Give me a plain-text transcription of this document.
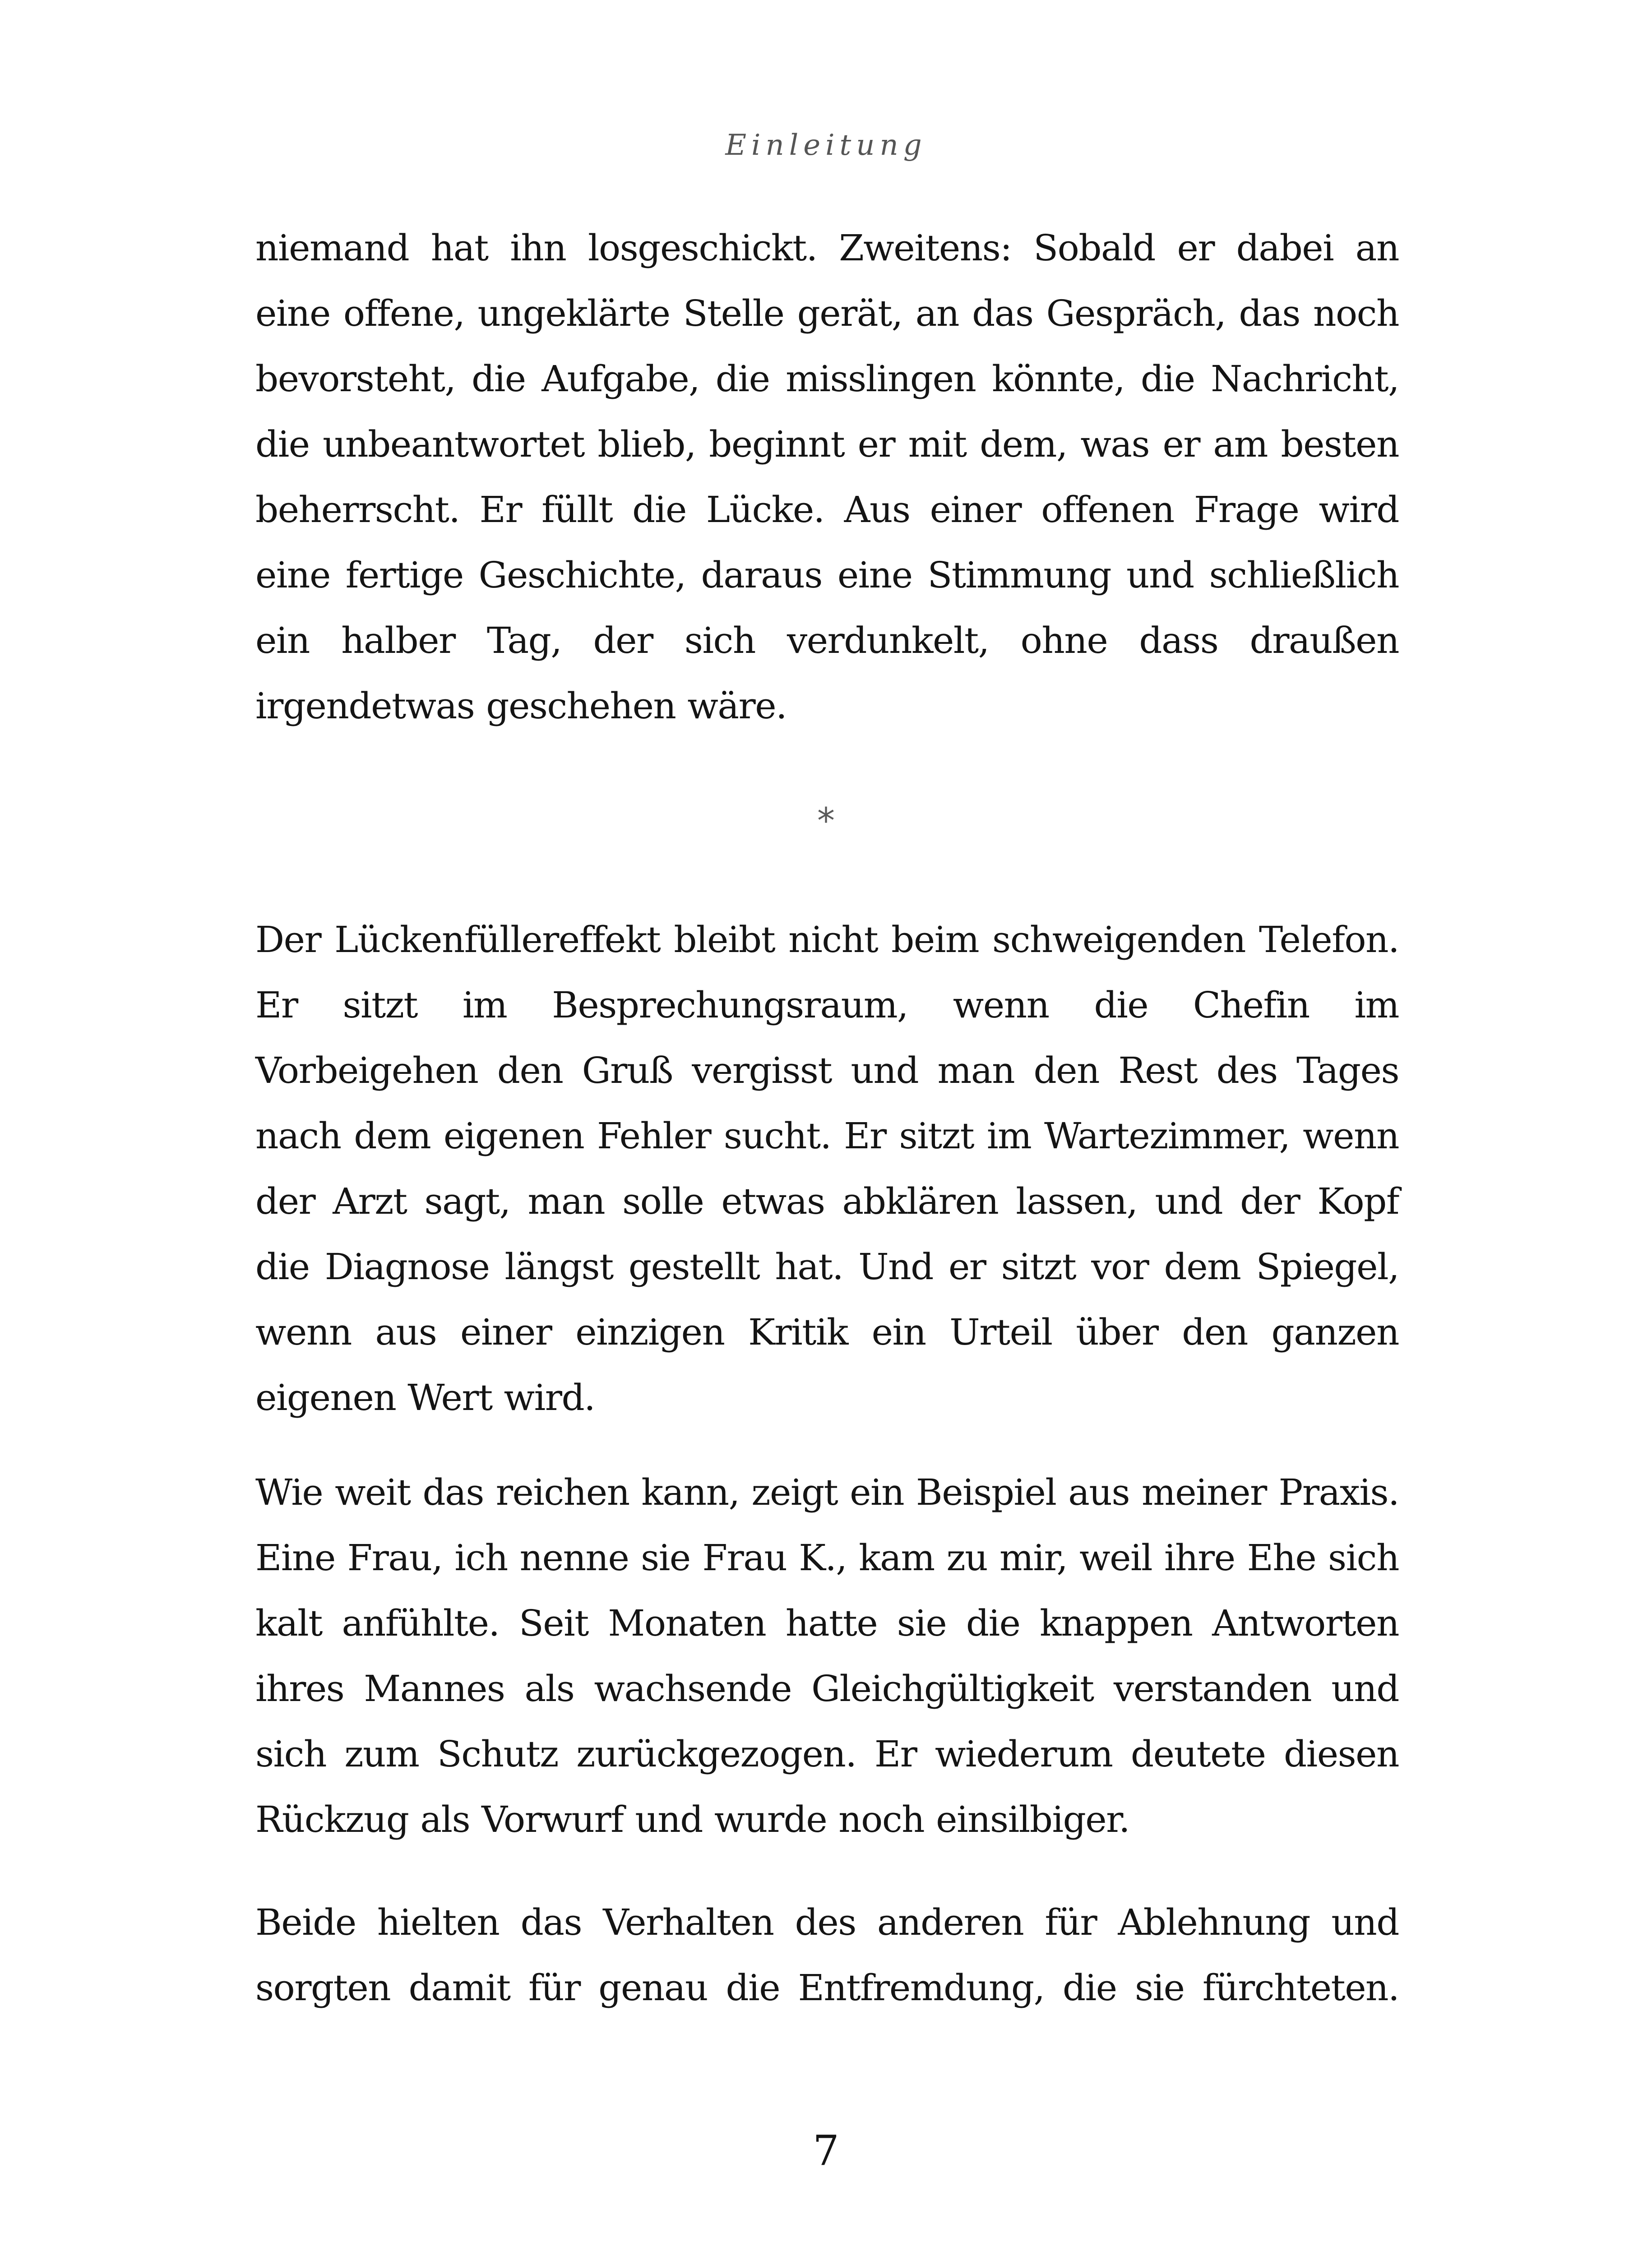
Einleitung
niemand hat ihn losgeschickt. Zweitens: Sobald er dabei an
eine offene, ungeklärte Stelle gerät, an das Gespräch, das noch
bevorsteht, die Aufgabe, die misslingen könnte, die Nachricht,
die unbeantwortet blieb, beginnt er mit dem, was er am besten
beherrscht. Er füllt die Lücke. Aus einer offenen Frage wird
eine fertige Geschichte, daraus eine Stimmung und schließlich
ein halber Tag, der sich verdunkelt, ohne dass draußen
irgendetwas geschehen wäre.
⁎
Der Lückenfüllereffekt bleibt nicht beim schweigenden Telefon.
Er sitzt im Besprechungsraum, wenn die Chefin im
Vorbeigehen den Gruß vergisst und man den Rest des Tages
nach dem eigenen Fehler sucht. Er sitzt im Wartezimmer, wenn
der Arzt sagt, man solle etwas abklären lassen, und der Kopf
die Diagnose längst gestellt hat. Und er sitzt vor dem Spiegel,
wenn aus einer einzigen Kritik ein Urteil über den ganzen
eigenen Wert wird.
Wie weit das reichen kann, zeigt ein Beispiel aus meiner Praxis.
Eine Frau, ich nenne sie Frau K., kam zu mir, weil ihre Ehe sich
kalt anfühlte. Seit Monaten hatte sie die knappen Antworten
ihres Mannes als wachsende Gleichgültigkeit verstanden und
sich zum Schutz zurückgezogen. Er wiederum deutete diesen
Rückzug als Vorwurf und wurde noch einsilbiger.
Beide hielten das Verhalten des anderen für Ablehnung und
sorgten damit für genau die Entfremdung, die sie fürchteten.
7
